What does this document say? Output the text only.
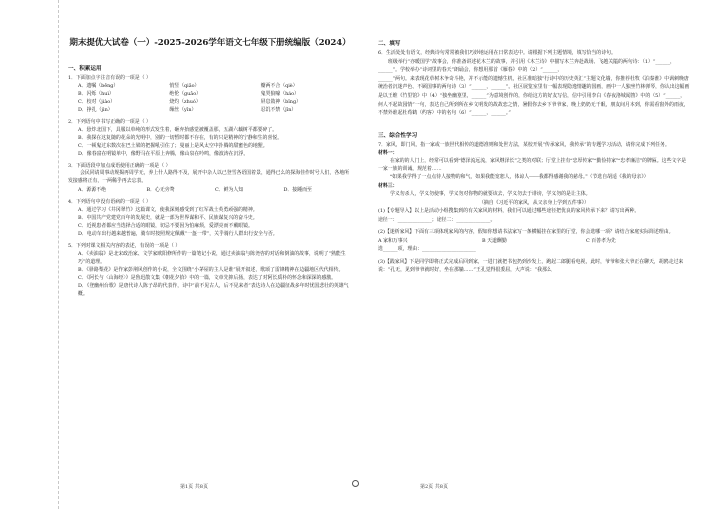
期末提优大试卷（一）-2025-2026学年语文七年级下册统编版（2024）
一、积累运用

1．下面加点字注音有误的一项是（ ）

A．遗嘱（bēng）	悄竖（qiǎo）	瓣两不合（qiè）
B．闪烁（huì）	绝伦（guǎo）	鬼哭狼嚎（háo）
C．校对（jiào）	烧灼（zhuó）	屏息敛神（bǐng）
D．挣扎（jìn）	缫丝（yīn）	忍饥不禁（jīn）

2．下列语句中书写正确的一项是（ ）

A．悬炸北国下，具服以单纯的形式发生着，砸弃抬感觉被覆盖那，五湖六藕树平都要碎了。

B．我探在这复随的花朵的光明中，别的一切暂时都不存在，有的只是精神的宁静和生的喜悦。

C．一顿鬼过东数次在巴土梁的把握吼引住了；曼丽上是风太空中扑腾的甜蜜色的地狸。

D．像春富在明镜单中，像野马在平原上奔腾，像山泉在吟鸣，像波涛在沉浮。

3．下面语段中加点成语使用正确的一项是（ ）

会民同请周事动规揭再周学无，养上什人路得不及，展开中杂人以已登雪各语国着景，通得已么的探海佳作时号人们，各地所发接感将正有，一两稀乎再去忘表。

A．源源不绝	B．心无旁骛	C．鲜为人知	D．接踵而至

4．下列语句中没有语病的一项是（ ）

A．通过学习《井冈翠竹》这篇课文，使我深刻感受到了红军战士英勇顽强的精神。

B．中国共产党建党百年的发展史，就是一部为世界谋和平、民族谋复兴的奋斗史。

C．近视患者都应当选择合适的眼镜，切忌不要因为怕麻烦，爱漂亮而不戴眼镜。

D．电动车出行越来越普遍，骑车时按照规定佩戴“一盔一带”，关乎骑行人群出行安全与否。

5．下列对课文相关内容的表述，有误的一项是（ ）

A．《卖油翁》是北宋政治家、文学家欧阳修所作的一篇笔记小说，通过卖油翁与陈尧咨的对话和倒油的故事，说明了“熟能生巧”的道理。

B．《驿路梨花》是作家彭荆风创作的小说，全文围绕“小茅屋的主人是谁”展开叙述，歌颂了雷锋精神在边疆地区代代相传。

C．《阿长与〈山海经〉》是鲁迅散文集《朝花夕拾》中的一篇，文章先抑后扬，表达了对阿长质朴的怀念和深深的感激。

D．《登幽州台歌》是唐代诗人陈子昂的代表作，诗中“前不见古人，后不见来者”表达诗人在边疆征战多年时忧国悲壮的英雄气概。

二、填写

6．生活处处有语文，经典诗句常常被我们巧妙地运用在日常表达中。请根据下列主题情境，填写恰当的诗句。

班级举行“亦暖国学”故事会，你准备讲述花木兰的故事，并引用《木兰诗》中描写木兰奔赴战场、飞越关隘的两句诗：（1）“______，______”。学校举办“诗词里的春天”朗诵会，你想用那首《雁春》中的（2）“______，

______”两句。来表现花草树木争奇斗艳，并不示能的遗憾生机，社区准暗独“行诗中的历史英汇”主题文化墙，你推荐杜牧《泊秦淮》中讽刺晚唐统治者沉迷声色、不顾国事的两句诗（3）“______，______”。社区展览室里有一幅表现隐逸情趣的国画，画中一人独坐竹林弹琴，你认出这幅画是以王维《竹里馆》中（4）“独坐幽篁里，______”为意境创作的，你给这方的好友写信，信中引用李白《春夜洛城闻笛》中的（5）“______，

何人不起故园情”一句，表达自己所到所在乡文明发的故故恋之情，暑假你去乡下爷爷家，晚上奶奶无干眠，朋友间月本到，你需看窗外的雨夜，不禁外谁起杜荀鹤（约客）中的名句（6）“______，______。”

三、综合性学习

7．家风，即门风，指一家或一族世代相传的道德准则和处世方法，某校开展“传承家风，我传承”的专题学习活动，请你完成下列任务。

材料一：

在家的的人门上，经常可以看到“德泽流远流，家风继泽长”之类的对联；厅堂上挂有“忠厚传家”“勤俭持家”“忠孝廉洁”的牌匾。这些文字是一家一族的训诫，规范着……

“如果我学得了一点点待人接物的和气，如果我能宽恕人，体谅人——我都得感谢我的慈母。”（节选自胡适《我的母亲》）

材料三：

学义勿杀人，学义勿使事，学义勿对你物的就要该去，学义勿去于诽谤，学义勿的是让主体。

（摘自《习近平的家风，从父亲身上学到五件事》）

(1)【专题导入】以上是活动小组搜集到的有关家风的材料，我们可以通过哪些途径把优良的家风传承下来？请写出两种。

途径一：______________；途径二：______________。

(2)【迷析家风】下面有三项体现家风的内容，假如你想请书法家写一条横幅挂在家里的厅堂，你会选哪一项？请结合家庭实际简述理由。

A 家和万事兴	B 天道酬勤	C 百善孝为先

选______项，理由：______________________

(3)【践家风】下是同学即将正式完成后回到家，一进门就把书包扔到沙发上，跑起二郎腿看电视，此时，爷爷和张大爷正在聊天，胡鸥走过来说：“孔无，见到爷爷就时好，坐在那躺……”王孔觉得很委屈，大声说：“我那么

第1页 共8页	第2页 共8页
